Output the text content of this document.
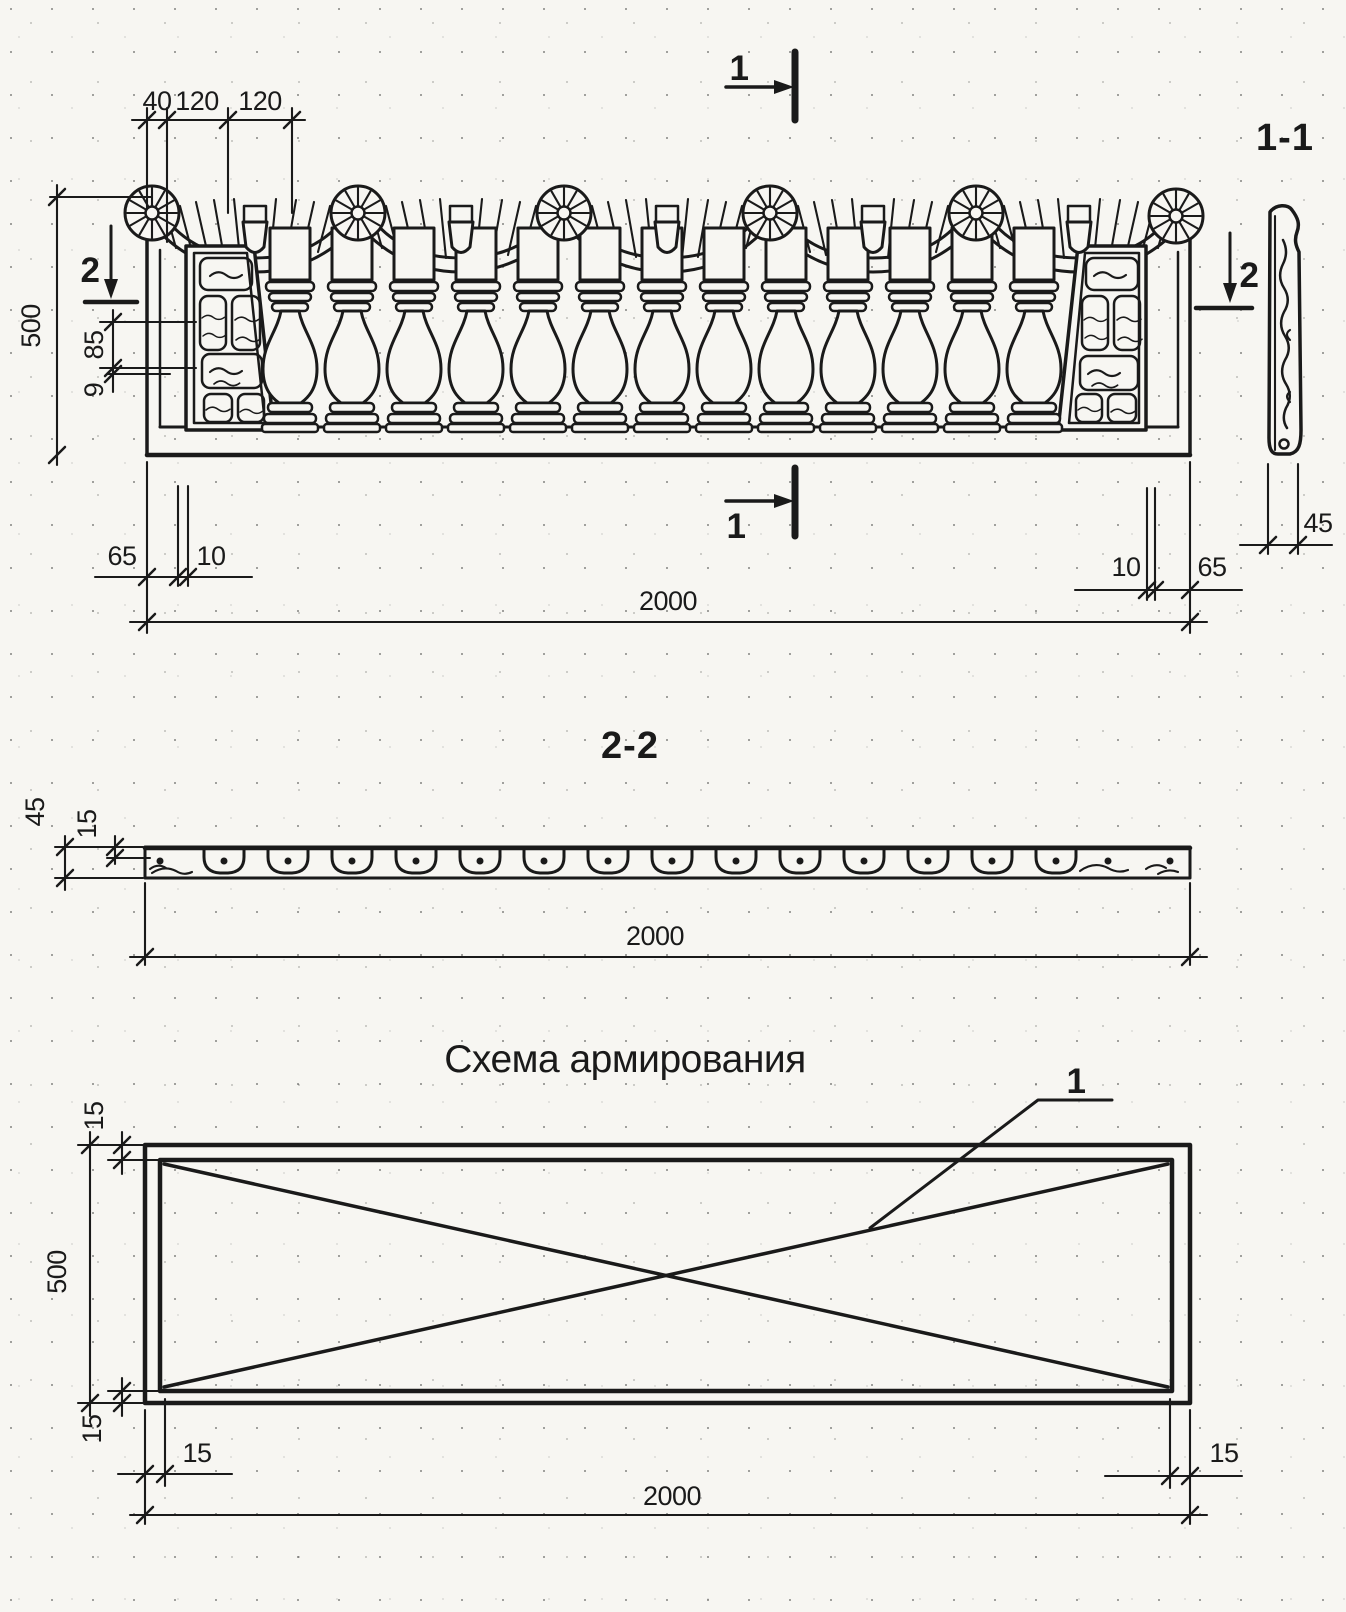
40 120 120
500 85
9
65 10
2000
10 65
1
1
2	2
1-1
45
2-2
45 15
2000
Схема армирования
1
15
500
15
15	15
2000
